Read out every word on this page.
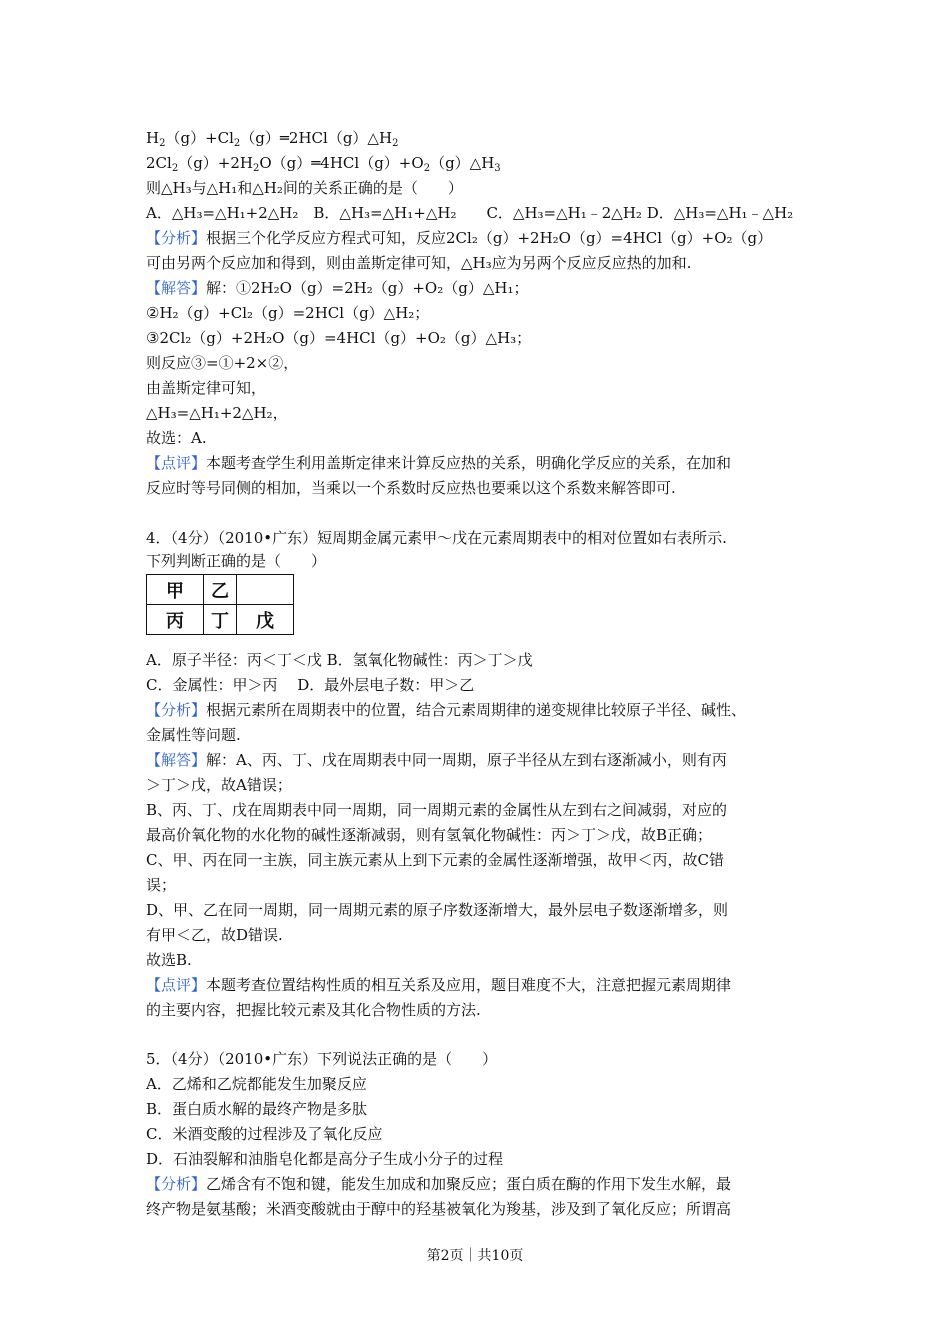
$H_2(g)+Cl_2(g)═2HCl(g)\triangle H_2$
$2Cl_2(g)+2H_2O(g)═4HCl(g)+O_2(g)\triangle H_3$
则△H₃与△H₁和△H₂间的关系正确的是（　　）
A．△H₃=△H₁+2△H₂　B．△H₃=△H₁+△H₂　　C．△H₃=△H₁﹣2△H₂ D．△H₃=△H₁﹣△H₂
【分析】根据三个化学反应方程式可知，反应2Cl₂（g）+2H₂O（g）=4HCl（g）+O₂（g）
可由另两个反应加和得到，则由盖斯定律可知，△H₃应为另两个反应反应热的加和.
【解答】解：①2H₂O（g）=2H₂（g）+O₂（g）△H₁；
②H₂（g）+Cl₂（g）=2HCl（g）△H₂；
③2Cl₂（g）+2H₂O（g）=4HCl（g）+O₂（g）△H₃；
则反应③=①+2×②，
由盖斯定律可知，
△H₃=△H₁+2△H₂，
故选：A.
【点评】本题考查学生利用盖斯定律来计算反应热的关系，明确化学反应的关系，在加和
反应时等号同侧的相加，当乘以一个系数时反应热也要乘以这个系数来解答即可.
4．（4分）（2010•广东）短周期金属元素甲～戊在元素周期表中的相对位置如右表所示.
下列判断正确的是（　　）
甲	乙	
丙	丁	戊
A．原子半径：丙＜丁＜戊 B．氢氧化物碱性：丙＞丁＞戊
C．金属性：甲＞丙　 D．最外层电子数：甲＞乙
【分析】根据元素所在周期表中的位置，结合元素周期律的递变规律比较原子半径、碱性、
金属性等问题.
【解答】解：A、丙、丁、戊在周期表中同一周期，原子半径从左到右逐渐减小，则有丙
＞丁＞戊，故A错误；
B、丙、丁、戊在周期表中同一周期，同一周期元素的金属性从左到右之间减弱，对应的
最高价氧化物的水化物的碱性逐渐减弱，则有氢氧化物碱性：丙＞丁＞戊，故B正确；
C、甲、丙在同一主族，同主族元素从上到下元素的金属性逐渐增强，故甲＜丙，故C错
误；
D、甲、乙在同一周期，同一周期元素的原子序数逐渐增大，最外层电子数逐渐增多，则
有甲＜乙，故D错误.
故选B.
【点评】本题考查位置结构性质的相互关系及应用，题目难度不大，注意把握元素周期律
的主要内容，把握比较元素及其化合物性质的方法.
5．（4分）（2010•广东）下列说法正确的是（　　）
A．乙烯和乙烷都能发生加聚反应
B．蛋白质水解的最终产物是多肽
C．米酒变酸的过程涉及了氧化反应
D．石油裂解和油脂皂化都是高分子生成小分子的过程
【分析】乙烯含有不饱和键，能发生加成和加聚反应；蛋白质在酶的作用下发生水解，最
终产物是氨基酸；米酒变酸就由于醇中的羟基被氧化为羧基，涉及到了氧化反应；所谓高
第2页｜共10页
